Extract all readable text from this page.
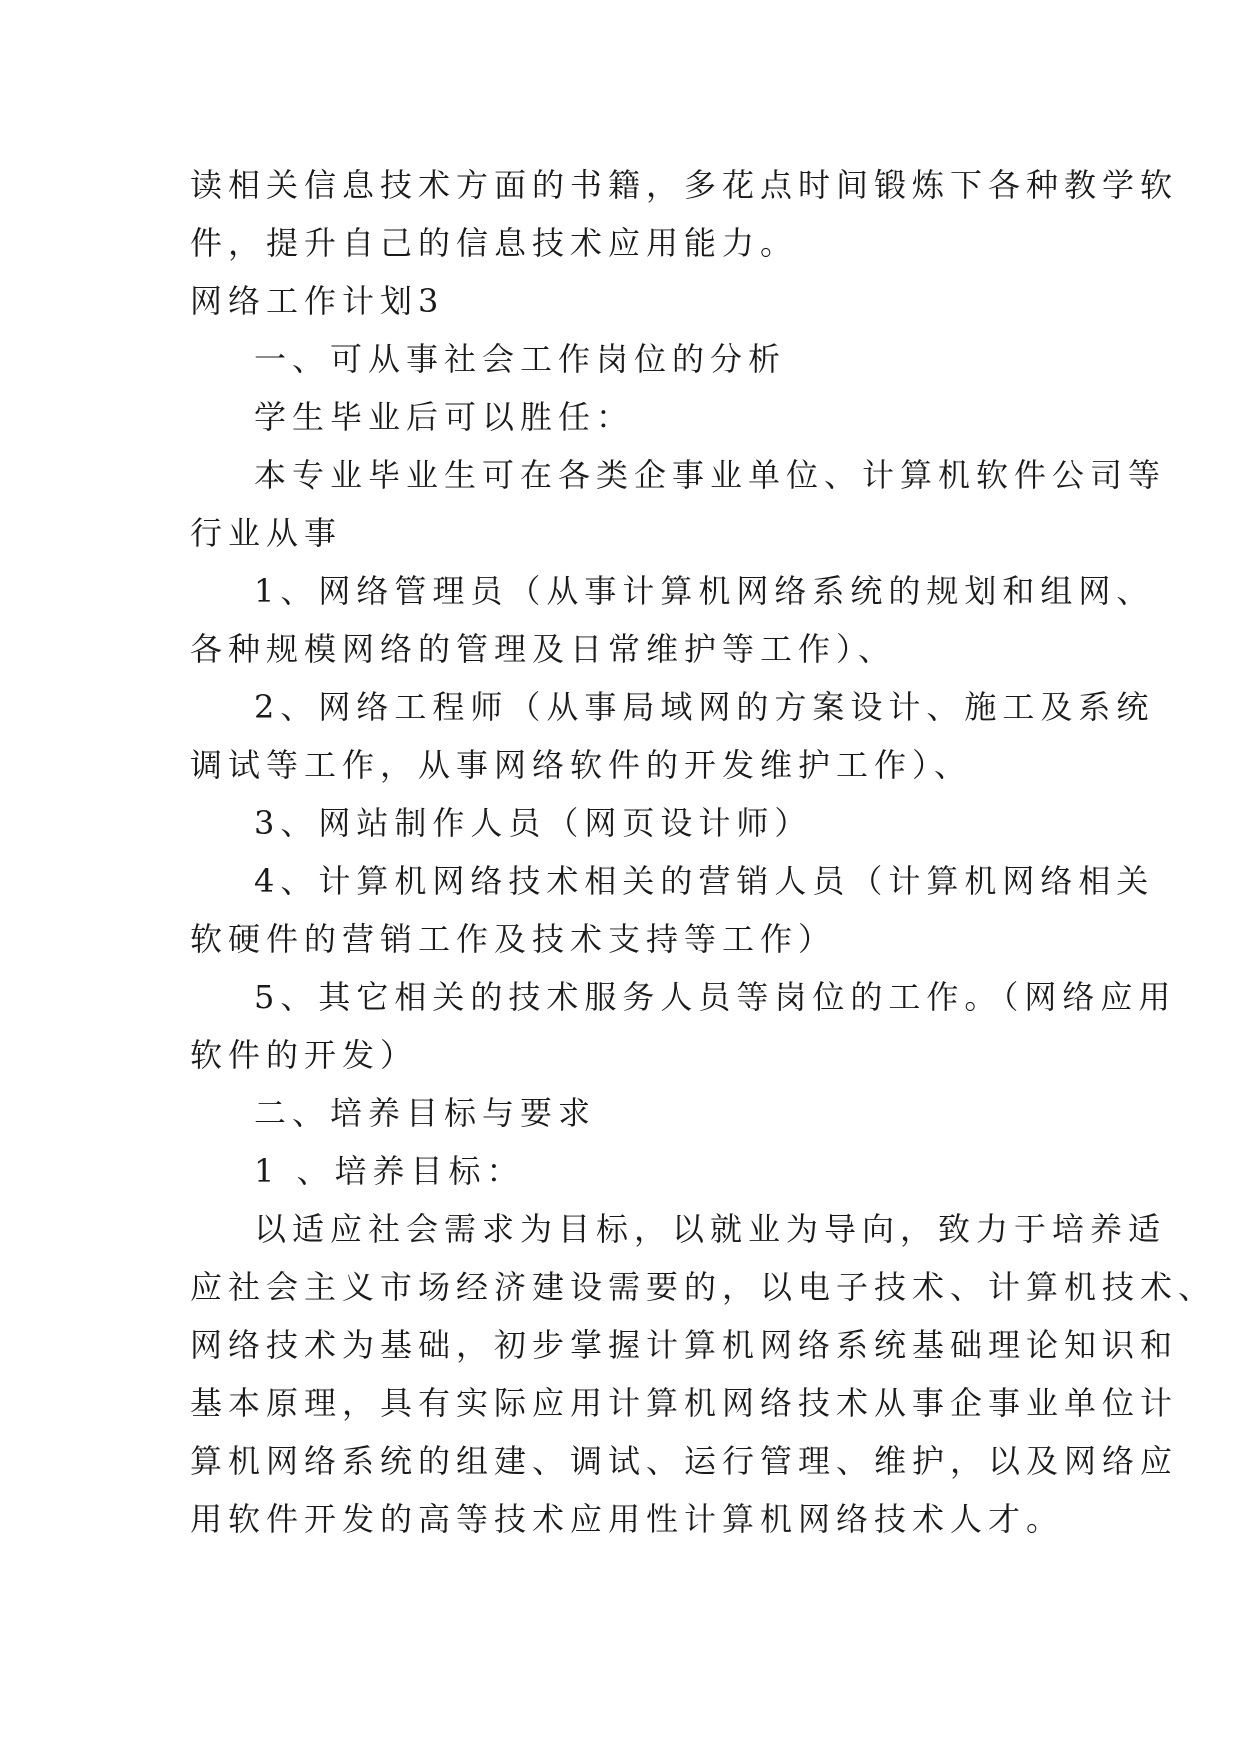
读相关信息技术方面的书籍，多花点时间锻炼下各种教学软
件，提升自己的信息技术应用能力。
网络工作计划3
一、可从事社会工作岗位的分析
学生毕业后可以胜任：
本专业毕业生可在各类企事业单位、计算机软件公司等
行业从事
1、网络管理员（从事计算机网络系统的规划和组网、
各种规模网络的管理及日常维护等工作）、
2、网络工程师（从事局域网的方案设计、施工及系统
调试等工作，从事网络软件的开发维护工作）、
3、网站制作人员（网页设计师）
4、计算机网络技术相关的营销人员（计算机网络相关
软硬件的营销工作及技术支持等工作）
5、其它相关的技术服务人员等岗位的工作。（网络应用
软件的开发）
二、培养目标与要求
1 、培养目标：
以适应社会需求为目标，以就业为导向，致力于培养适
应社会主义市场经济建设需要的，以电子技术、计算机技术、
网络技术为基础，初步掌握计算机网络系统基础理论知识和
基本原理，具有实际应用计算机网络技术从事企事业单位计
算机网络系统的组建、调试、运行管理、维护，以及网络应
用软件开发的高等技术应用性计算机网络技术人才。
